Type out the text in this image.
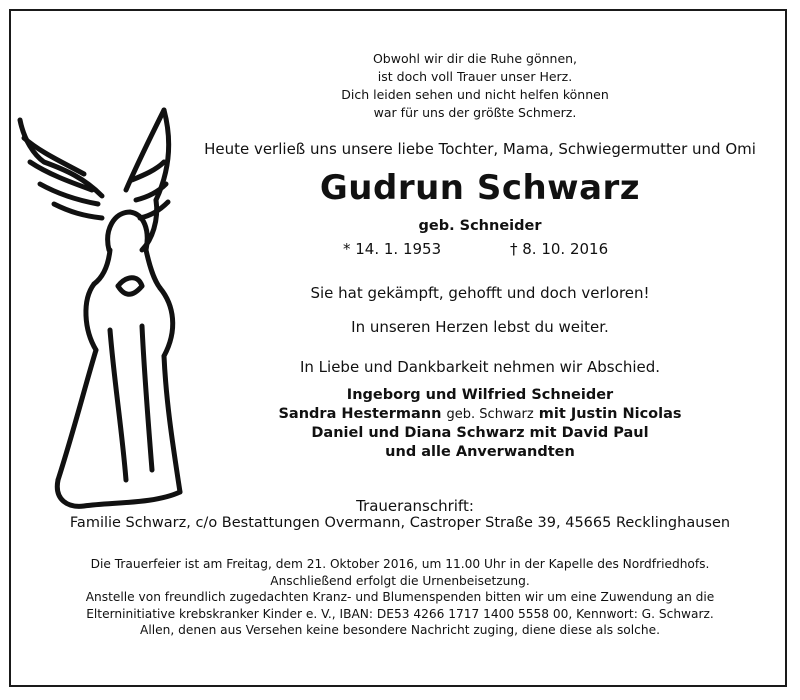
Obwohl wir dir die Ruhe gönnen,
ist doch voll Trauer unser Herz.
Dich leiden sehen und nicht helfen können
war für uns der größte Schmerz.
Heute verließ uns unsere liebe Tochter, Mama, Schwiegermutter und Omi
Gudrun Schwarz
geb. Schneider
* 14. 1. 1953	† 8. 10. 2016
Sie hat gekämpft, gehofft und doch verloren!
In unseren Herzen lebst du weiter.
In Liebe und Dankbarkeit nehmen wir Abschied.
Ingeborg und Wilfried Schneider
Sandra Hestermann geb. Schwarz mit Justin Nicolas
Daniel und Diana Schwarz mit David Paul
und alle Anverwandten
Traueranschrift:
Familie Schwarz, c/o Bestattungen Overmann, Castroper Straße 39, 45665 Recklinghausen
Die Trauerfeier ist am Freitag, dem 21. Oktober 2016, um 11.00 Uhr in der Kapelle des Nordfriedhofs.
Anschließend erfolgt die Urnenbeisetzung.
Anstelle von freundlich zugedachten Kranz- und Blumenspenden bitten wir um eine Zuwendung an die
Elterninitiative krebskranker Kinder e. V., IBAN: DE53 4266 1717 1400 5558 00, Kennwort: G. Schwarz.
Allen, denen aus Versehen keine besondere Nachricht zuging, diene diese als solche.
